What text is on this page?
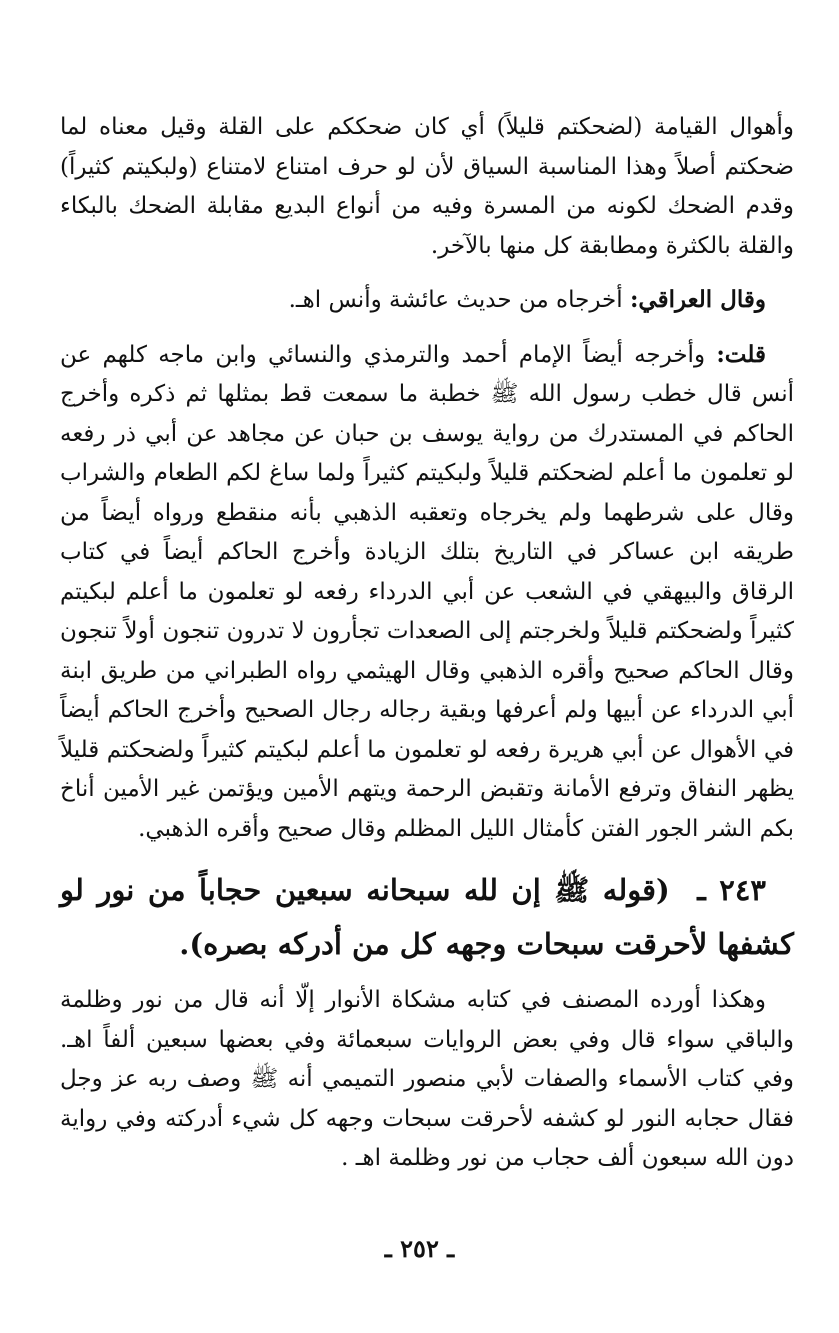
وأهوال القيامة (لضحكتم قليلاً) أي كان ضحككم على القلة وقيل معناه لما ضحكتم أصلاً وهذا المناسبة السياق لأن لو حرف امتناع لامتناع (ولبكيتم كثيراً) وقدم الضحك لكونه من المسرة وفيه من أنواع البديع مقابلة الضحك بالبكاء والقلة بالكثرة ومطابقة كل منها بالآخر.

وقال العراقي: أخرجاه من حديث عائشة وأنس اهـ.

قلت: وأخرجه أيضاً الإمام أحمد والترمذي والنسائي وابن ماجه كلهم عن أنس قال خطب رسول الله ﷺ خطبة ما سمعت قط بمثلها ثم ذكره وأخرج الحاكم في المستدرك من رواية يوسف بن حبان عن مجاهد عن أبي ذر رفعه لو تعلمون ما أعلم لضحكتم قليلاً ولبكيتم كثيراً ولما ساغ لكم الطعام والشراب وقال على شرطهما ولم يخرجاه وتعقبه الذهبي بأنه منقطع ورواه أيضاً من طريقه ابن عساكر في التاريخ بتلك الزيادة وأخرج الحاكم أيضاً في كتاب الرقاق والبيهقي في الشعب عن أبي الدرداء رفعه لو تعلمون ما أعلم لبكيتم كثيراً ولضحكتم قليلاً ولخرجتم إلى الصعدات تجأرون لا تدرون تنجون أولاً تنجون وقال الحاكم صحيح وأقره الذهبي وقال الهيثمي رواه الطبراني من طريق ابنة أبي الدرداء عن أبيها ولم أعرفها وبقية رجاله رجال الصحيح وأخرج الحاكم أيضاً في الأهوال عن أبي هريرة رفعه لو تعلمون ما أعلم لبكيتم كثيراً ولضحكتم قليلاً يظهر النفاق وترفع الأمانة وتقبض الرحمة ويتهم الأمين ويؤتمن غير الأمين أناخ بكم الشر الجور الفتن كأمثال الليل المظلم وقال صحيح وأقره الذهبي.

٢٤٣ ـ (قوله ﷺ إن لله سبحانه سبعين حجاباً من نور لو كشفها لأحرقت سبحات وجهه كل من أدركه بصره).

وهكذا أورده المصنف في كتابه مشكاة الأنوار إلّا أنه قال من نور وظلمة والباقي سواء قال وفي بعض الروايات سبعمائة وفي بعضها سبعين ألفاً اهـ. وفي كتاب الأسماء والصفات لأبي منصور التميمي أنه ﷺ وصف ربه عز وجل فقال حجابه النور لو كشفه لأحرقت سبحات وجهه كل شيء أدركته وفي رواية دون الله سبعون ألف حجاب من نور وظلمة اهـ .

ـ ٢٥٢ ـ
